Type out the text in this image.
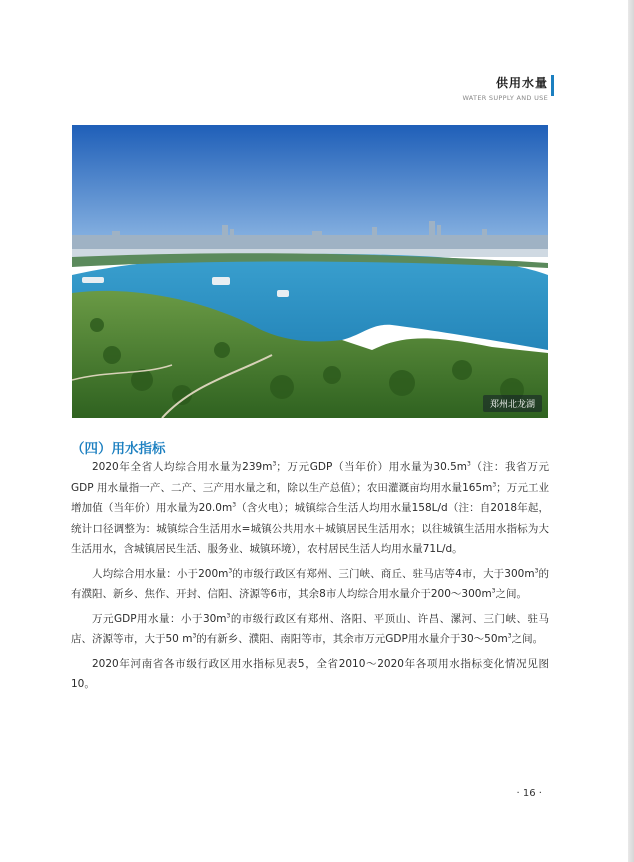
供用水量
WATER SUPPLY AND USE
郑州北龙湖
（四）用水指标

2020年全省人均综合用水量为$239m^3$；万元GDP（当年价）用水量为$30.5m^3$（注：我省万元GDP 用水量指一产、二产、三产用水量之和，除以生产总值）；农田灌溉亩均用水量$165m^3$；万元工业增加值（当年价）用水量为$20.0m^3$（含火电）；城镇综合生活人均用水量158L/d（注：自2018年起，统计口径调整为：城镇综合生活用水=城镇公共用水＋城镇居民生活用水；以往城镇生活用水指标为大生活用水，含城镇居民生活、服务业、城镇环境），农村居民生活人均用水量71L/d。

人均综合用水量：小于$200m^3$的市级行政区有郑州、三门峡、商丘、驻马店等4市，大于$300m^3$的有濮阳、新乡、焦作、开封、信阳、济源等6市，其余8市人均综合用水量介于$200\sim 300m^3$之间。

万元GDP用水量：小于$30m^3$的市级行政区有郑州、洛阳、平顶山、许昌、漯河、三门峡、驻马店、济源等市，大于50 $m^3$的有新乡、濮阳、南阳等市，其余市万元GDP用水量介于$30\sim 50m^3$之间。

2020年河南省各市级行政区用水指标见表5，全省2010～2020年各项用水指标变化情况见图10。

· 16 ·
